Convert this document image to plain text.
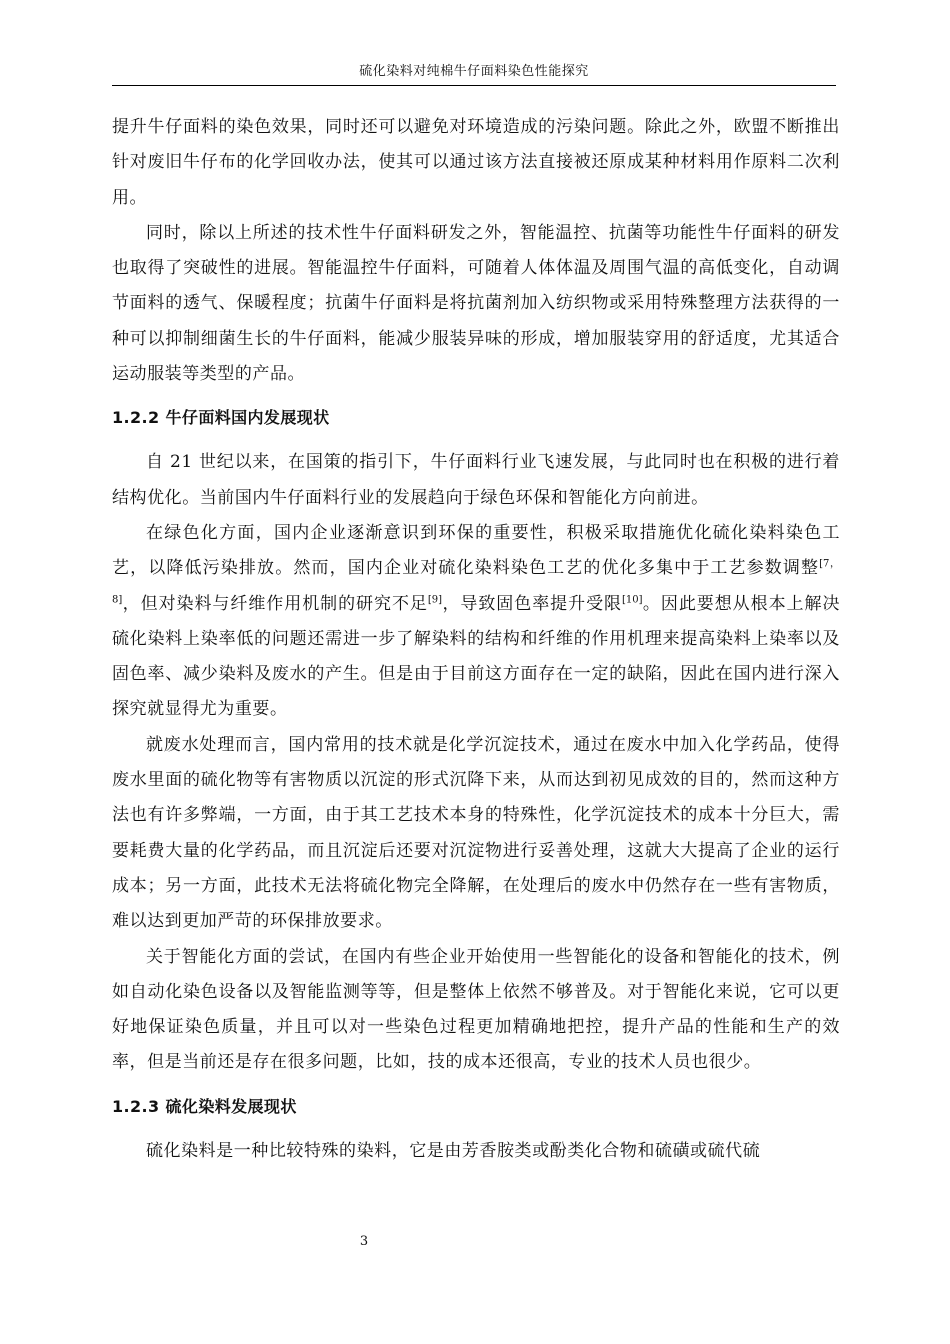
硫化染料对纯棉牛仔面料染色性能探究

提升牛仔面料的染色效果，同时还可以避免对环境造成的污染问题。除此之外，欧盟不断推出针对废旧牛仔布的化学回收办法，使其可以通过该方法直接被还原成某种材料用作原料二次利用。

同时，除以上所述的技术性牛仔面料研发之外，智能温控、抗菌等功能性牛仔面料的研发也取得了突破性的进展。智能温控牛仔面料，可随着人体体温及周围气温的高低变化，自动调节面料的透气、保暖程度；抗菌牛仔面料是将抗菌剂加入纺织物或采用特殊整理方法获得的一种可以抑制细菌生长的牛仔面料，能减少服装异味的形成，增加服装穿用的舒适度，尤其适合运动服装等类型的产品。

1.2.2 牛仔面料国内发展现状

自 21 世纪以来，在国策的指引下，牛仔面料行业飞速发展，与此同时也在积极的进行着结构优化。当前国内牛仔面料行业的发展趋向于绿色环保和智能化方向前进。

在绿色化方面，国内企业逐渐意识到环保的重要性，积极采取措施优化硫化染料染色工艺，以降低污染排放。然而，国内企业对硫化染料染色工艺的优化多集中于工艺参数调整[7，8]，但对染料与纤维作用机制的研究不足[9]，导致固色率提升受限[10]。因此要想从根本上解决硫化染料上染率低的问题还需进一步了解染料的结构和纤维的作用机理来提高染料上染率以及固色率、减少染料及废水的产生。但是由于目前这方面存在一定的缺陷，因此在国内进行深入探究就显得尤为重要。

就废水处理而言，国内常用的技术就是化学沉淀技术，通过在废水中加入化学药品，使得废水里面的硫化物等有害物质以沉淀的形式沉降下来，从而达到初见成效的目的，然而这种方法也有许多弊端，一方面，由于其工艺技术本身的特殊性，化学沉淀技术的成本十分巨大，需要耗费大量的化学药品，而且沉淀后还要对沉淀物进行妥善处理，这就大大提高了企业的运行成本；另一方面，此技术无法将硫化物完全降解，在处理后的废水中仍然存在一些有害物质，难以达到更加严苛的环保排放要求。

关于智能化方面的尝试，在国内有些企业开始使用一些智能化的设备和智能化的技术，例如自动化染色设备以及智能监测等等，但是整体上依然不够普及。对于智能化来说，它可以更好地保证染色质量，并且可以对一些染色过程更加精确地把控，提升产品的性能和生产的效率，但是当前还是存在很多问题，比如，技的成本还很高，专业的技术人员也很少。

1.2.3 硫化染料发展现状

硫化染料是一种比较特殊的染料，它是由芳香胺类或酚类化合物和硫磺或硫代硫

3
